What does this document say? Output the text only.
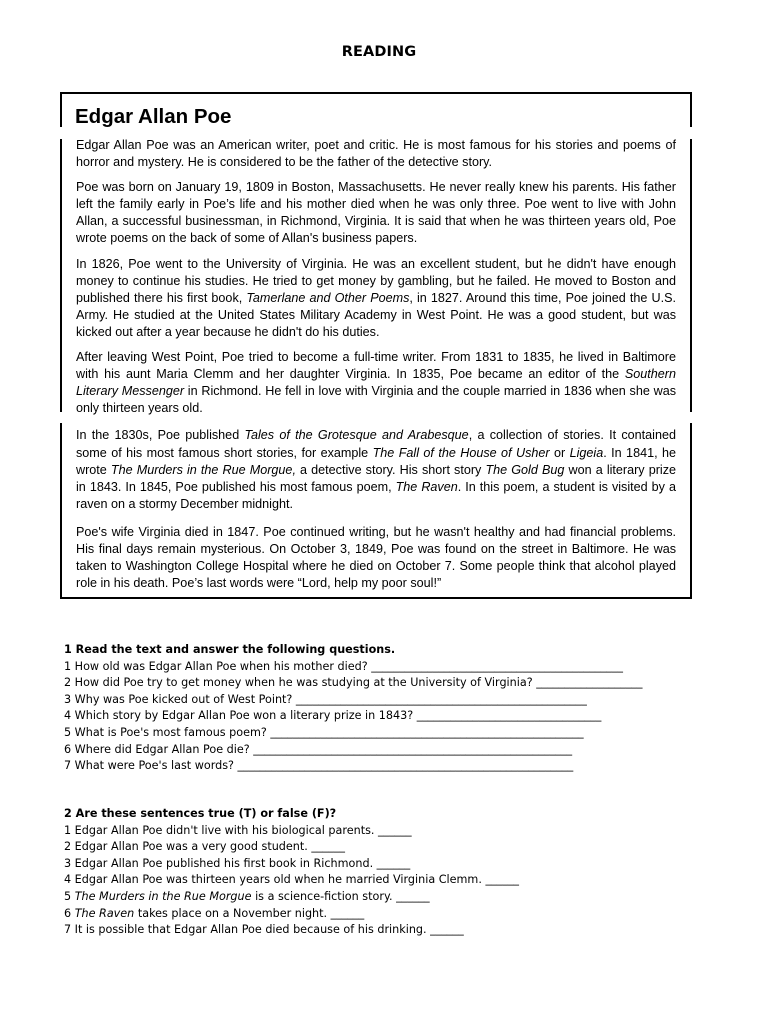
READING
Edgar Allan Poe

Edgar Allan Poe was an American writer, poet and critic. He is most famous for his stories and poems of horror and mystery. He is considered to be the father of the detective story.

Poe was born on January 19, 1809 in Boston, Massachusetts. He never really knew his parents. His father left the family early in Poe’s life and his mother died when he was only three. Poe went to live with John Allan, a successful businessman, in Richmond, Virginia. It is said that when he was thirteen years old, Poe wrote poems on the back of some of Allan's business papers.

In 1826, Poe went to the University of Virginia. He was an excellent student, but he didn't have enough money to continue his studies. He tried to get money by gambling, but he failed. He moved to Boston and published there his first book, Tamerlane and Other Poems, in 1827. Around this time, Poe joined the U.S. Army. He studied at the United States Military Academy in West Point. He was a good student, but was kicked out after a year because he didn't do his duties.

After leaving West Point, Poe tried to become a full-time writer. From 1831 to 1835, he lived in Baltimore with his aunt Maria Clemm and her daughter Virginia. In 1835, Poe became an editor of the Southern Literary Messenger in Richmond. He fell in love with Virginia and the couple married in 1836 when she was only thirteen years old.

In the 1830s, Poe published Tales of the Grotesque and Arabesque, a collection of stories. It contained some of his most famous short stories, for example The Fall of the House of Usher or Ligeia. In 1841, he wrote The Murders in the Rue Morgue, a detective story. His short story The Gold Bug won a literary prize in 1843. In 1845, Poe published his most famous poem, The Raven. In this poem, a student is visited by a raven on a stormy December midnight.

Poe's wife Virginia died in 1847. Poe continued writing, but he wasn't healthy and had financial problems. His final days remain mysterious. On October 3, 1849, Poe was found on the street in Baltimore. He was taken to Washington College Hospital where he died on October 7. Some people think that alcohol played role in his death. Poe’s last words were “Lord, help my poor soul!”

1 Read the text and answer the following questions.
1 How old was Edgar Allan Poe when his mother died? _____________________________________________
2 How did Poe try to get money when he was studying at the University of Virginia? ___________________
3 Why was Poe kicked out of West Point? ____________________________________________________
4 Which story by Edgar Allan Poe won a literary prize in 1843? _________________________________
5 What is Poe's most famous poem? ________________________________________________________
6 Where did Edgar Allan Poe die? _________________________________________________________
7 What were Poe's last words? ____________________________________________________________
2 Are these sentences true (T) or false (F)?
1 Edgar Allan Poe didn't live with his biological parents. ______
2 Edgar Allan Poe was a very good student. ______
3 Edgar Allan Poe published his first book in Richmond. ______
4 Edgar Allan Poe was thirteen years old when he married Virginia Clemm. ______
5 The Murders in the Rue Morgue is a science-fiction story. ______
6 The Raven takes place on a November night. ______
7 It is possible that Edgar Allan Poe died because of his drinking. ______
